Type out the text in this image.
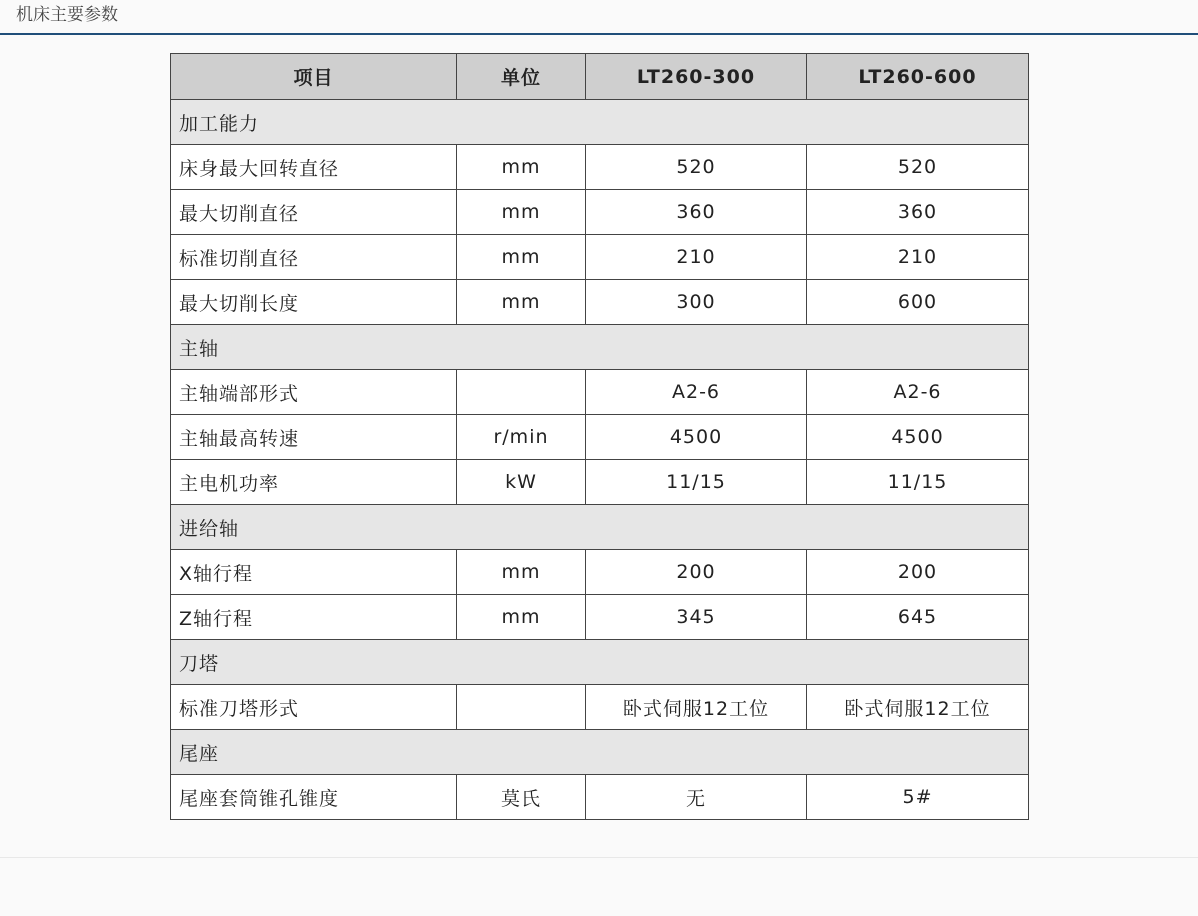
机床主要参数
项目	单位	LT260-300	LT260-600
加工能力			
床身最大回转直径	mm	520	520
最大切削直径	mm	360	360
标准切削直径	mm	210	210
最大切削长度	mm	300	600
主轴			
主轴端部形式		A2-6	A2-6
主轴最高转速	r/min	4500	4500
主电机功率	kW	11/15	11/15
进给轴			
X轴行程	mm	200	200
Z轴行程	mm	345	645
刀塔			
标准刀塔形式		卧式伺服12工位	卧式伺服12工位
尾座			
尾座套筒锥孔锥度	莫氏	无	5#
